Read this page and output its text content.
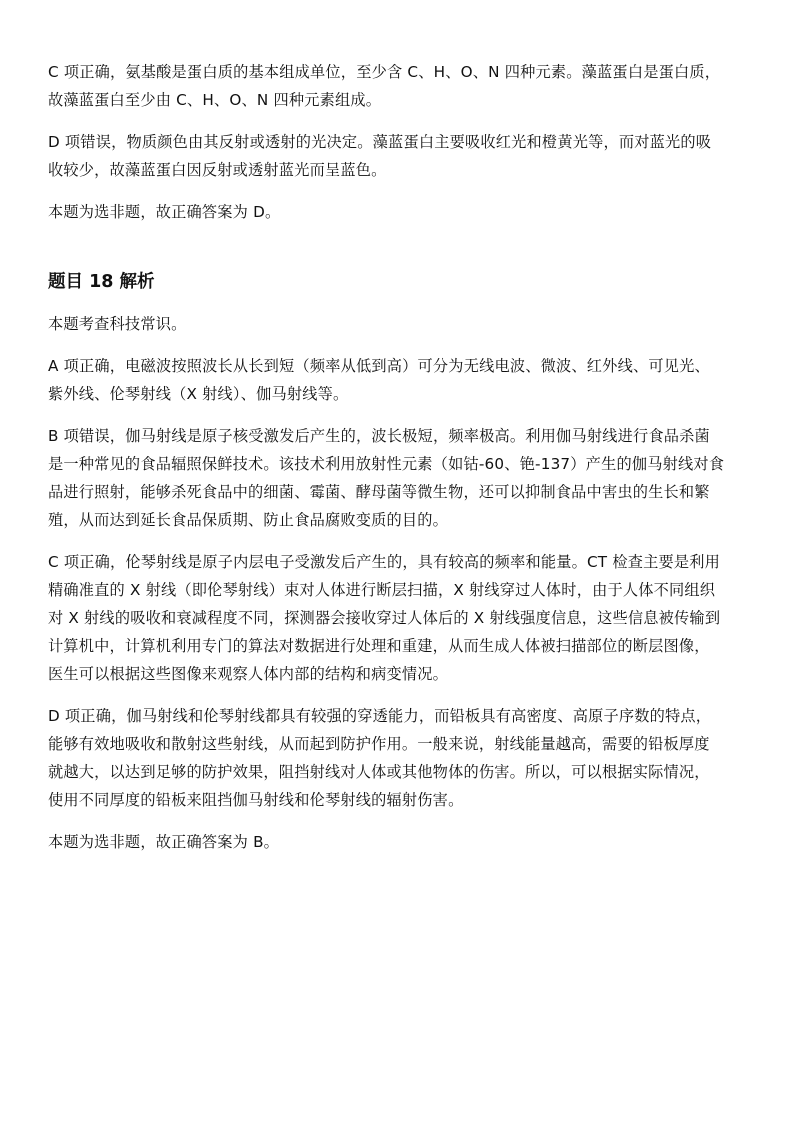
C 项正确，氨基酸是蛋白质的基本组成单位，至少含 C、H、O、N 四种元素。藻蓝蛋白是蛋白质，
故藻蓝蛋白至少由 C、H、O、N 四种元素组成。
D 项错误，物质颜色由其反射或透射的光决定。藻蓝蛋白主要吸收红光和橙黄光等，而对蓝光的吸
收较少，故藻蓝蛋白因反射或透射蓝光而呈蓝色。
本题为选非题，故正确答案为 D。
题目 18 解析
本题考查科技常识。
A 项正确，电磁波按照波长从长到短（频率从低到高）可分为无线电波、微波、红外线、可见光、
紫外线、伦琴射线（X 射线）、伽马射线等。
B 项错误，伽马射线是原子核受激发后产生的，波长极短，频率极高。利用伽马射线进行食品杀菌
是一种常见的食品辐照保鲜技术。该技术利用放射性元素（如钴-60、铯-137）产生的伽马射线对食
品进行照射，能够杀死食品中的细菌、霉菌、酵母菌等微生物，还可以抑制食品中害虫的生长和繁
殖，从而达到延长食品保质期、防止食品腐败变质的目的。
C 项正确，伦琴射线是原子内层电子受激发后产生的，具有较高的频率和能量。CT 检查主要是利用
精确准直的 X 射线（即伦琴射线）束对人体进行断层扫描，X 射线穿过人体时，由于人体不同组织
对 X 射线的吸收和衰减程度不同，探测器会接收穿过人体后的 X 射线强度信息，这些信息被传输到
计算机中，计算机利用专门的算法对数据进行处理和重建，从而生成人体被扫描部位的断层图像，
医生可以根据这些图像来观察人体内部的结构和病变情况。
D 项正确，伽马射线和伦琴射线都具有较强的穿透能力，而铅板具有高密度、高原子序数的特点，
能够有效地吸收和散射这些射线，从而起到防护作用。一般来说，射线能量越高，需要的铅板厚度
就越大，以达到足够的防护效果，阻挡射线对人体或其他物体的伤害。所以，可以根据实际情况，
使用不同厚度的铅板来阻挡伽马射线和伦琴射线的辐射伤害。
本题为选非题，故正确答案为 B。
